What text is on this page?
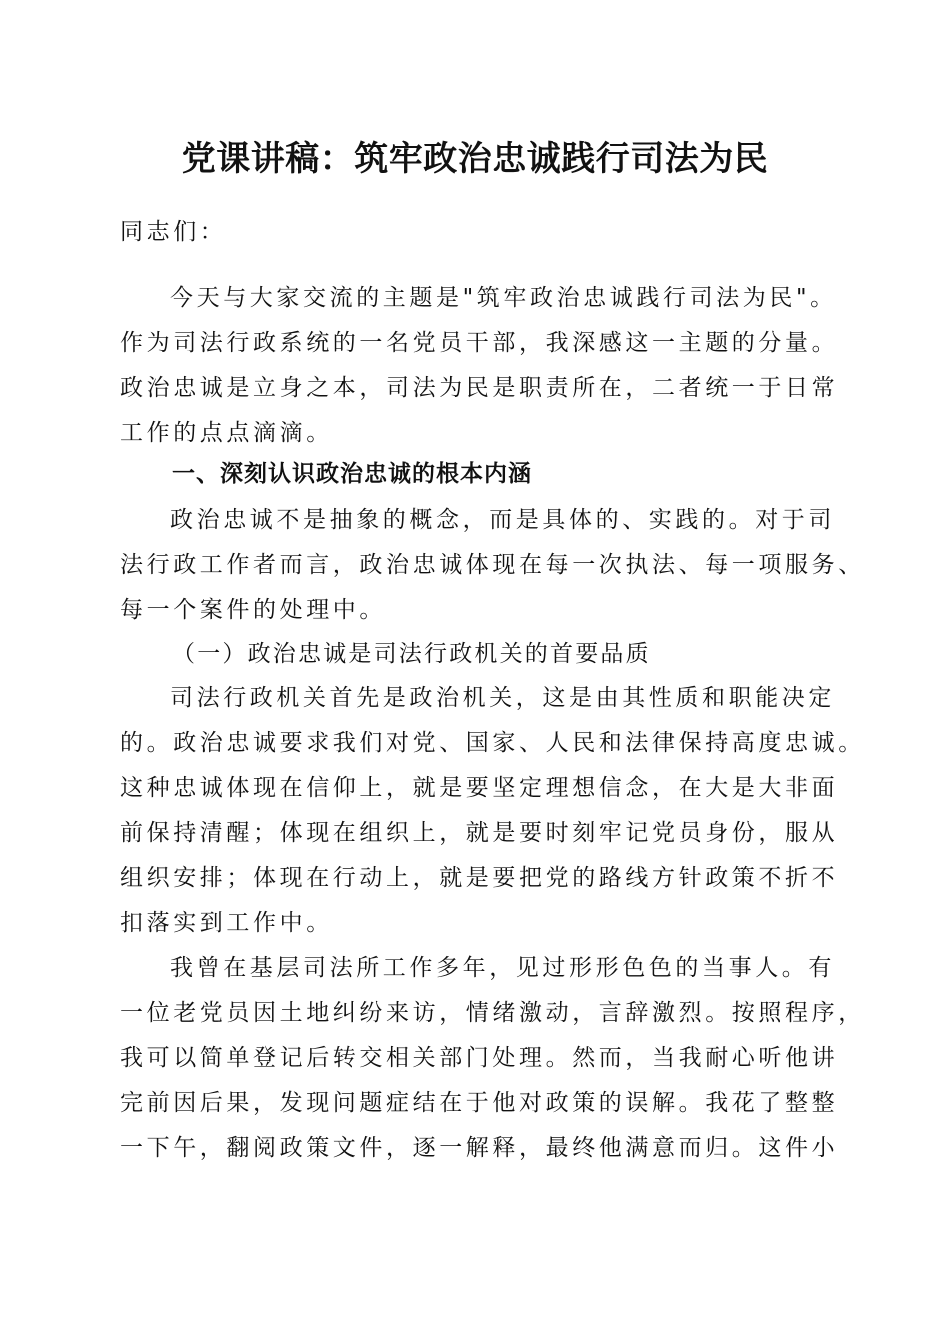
党课讲稿：筑牢政治忠诚践行司法为民
同志们：
今天与大家交流的主题是"筑牢政治忠诚践行司法为民"。
作为司法行政系统的一名党员干部，我深感这一主题的分量。
政治忠诚是立身之本，司法为民是职责所在，二者统一于日常
工作的点点滴滴。
一、深刻认识政治忠诚的根本内涵
政治忠诚不是抽象的概念，而是具体的、实践的。对于司
法行政工作者而言，政治忠诚体现在每一次执法、每一项服务、
每一个案件的处理中。
（一）政治忠诚是司法行政机关的首要品质
司法行政机关首先是政治机关，这是由其性质和职能决定
的。政治忠诚要求我们对党、国家、人民和法律保持高度忠诚。
这种忠诚体现在信仰上，就是要坚定理想信念，在大是大非面
前保持清醒；体现在组织上，就是要时刻牢记党员身份，服从
组织安排；体现在行动上，就是要把党的路线方针政策不折不
扣落实到工作中。
我曾在基层司法所工作多年，见过形形色色的当事人。有
一位老党员因土地纠纷来访，情绪激动，言辞激烈。按照程序，
我可以简单登记后转交相关部门处理。然而，当我耐心听他讲
完前因后果，发现问题症结在于他对政策的误解。我花了整整
一下午，翻阅政策文件，逐一解释，最终他满意而归。这件小
